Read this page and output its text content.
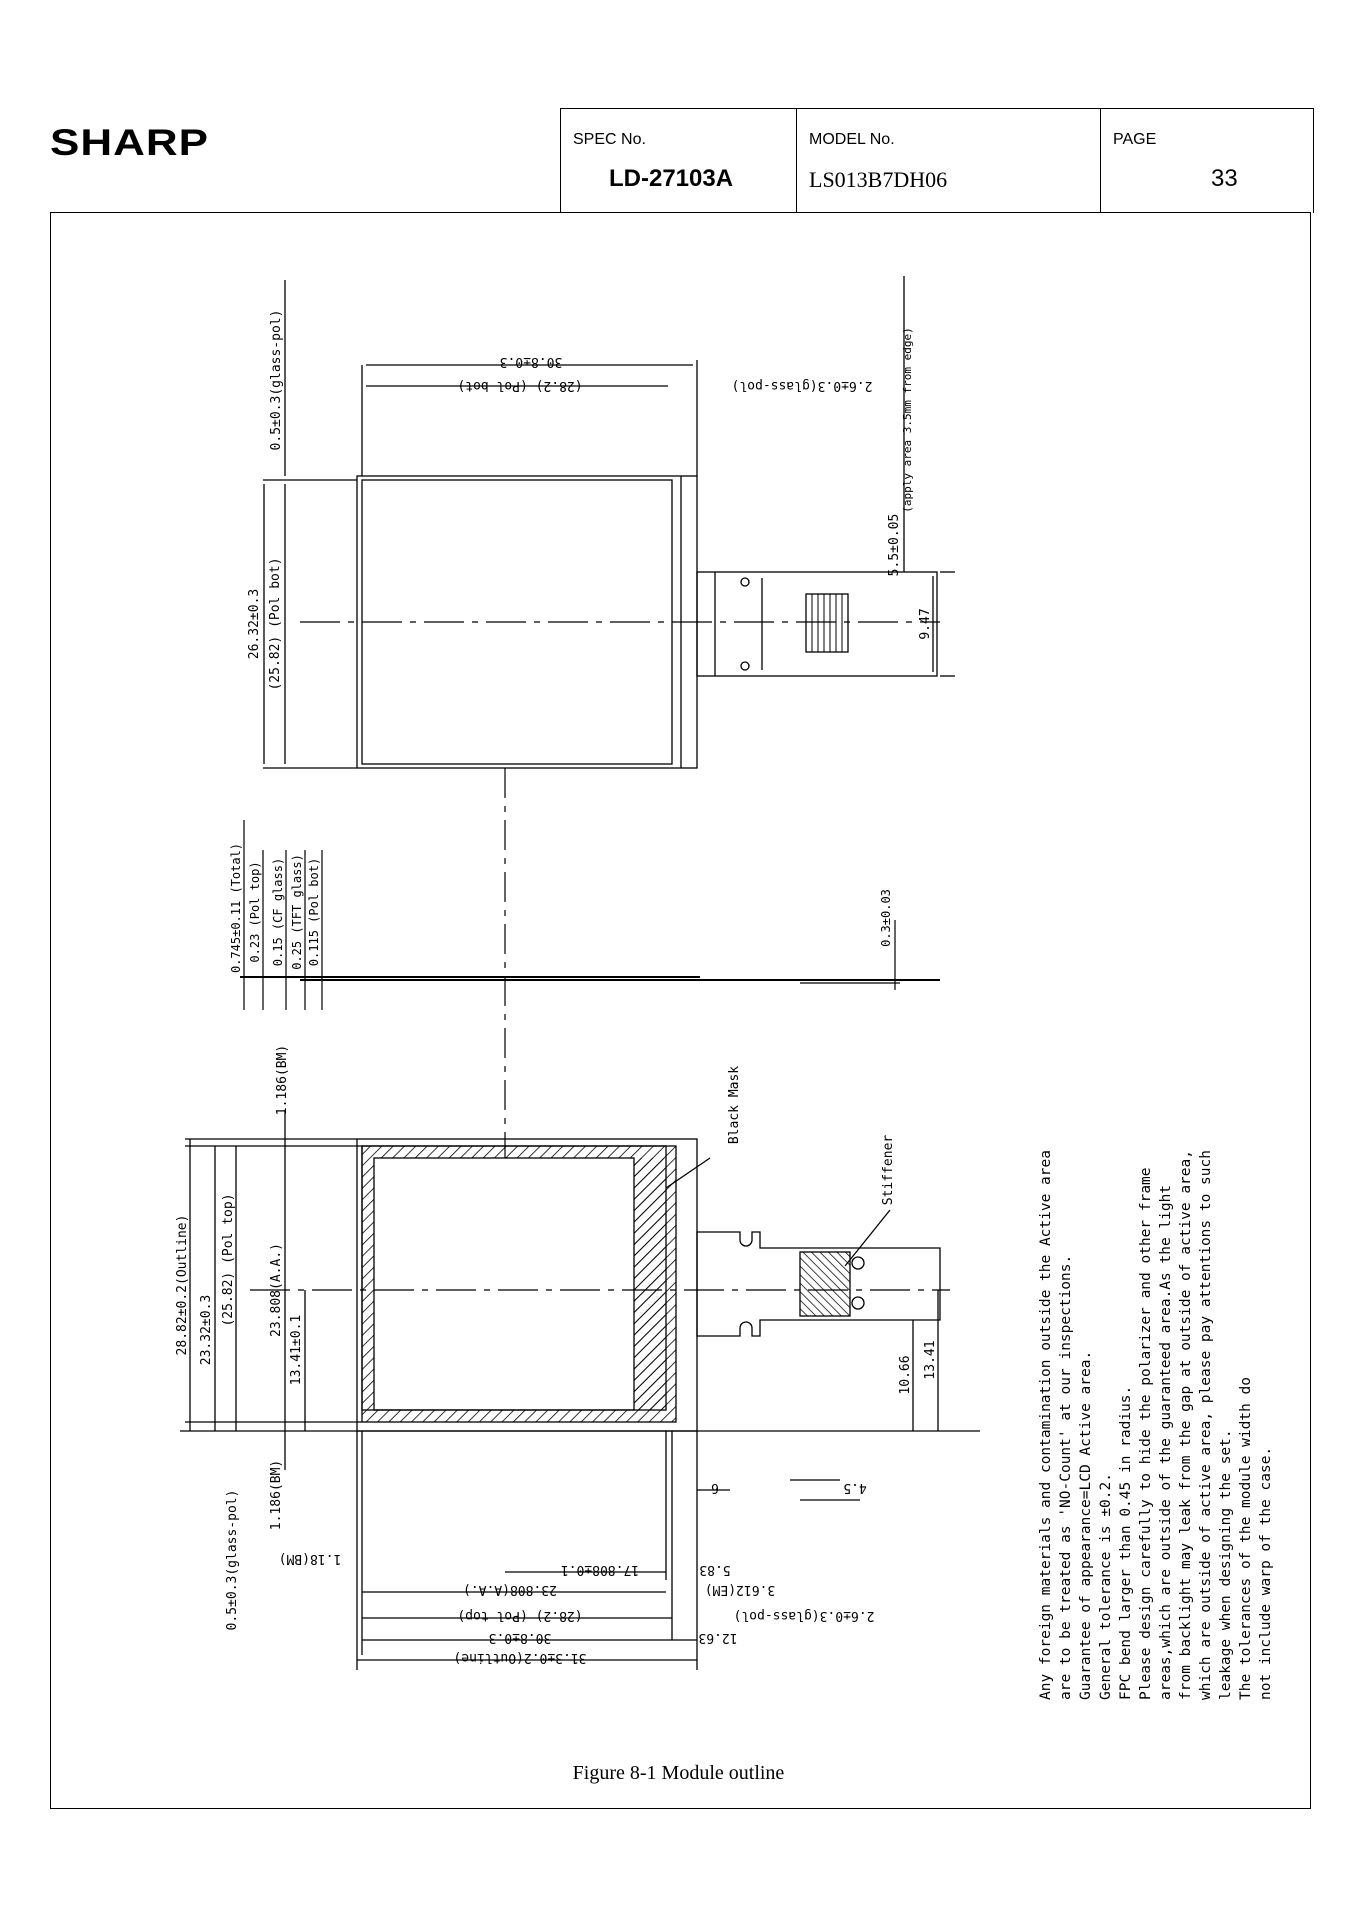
SHARP	SPEC No.
LD-27103A
MODEL No.
LS013B7DH06
PAGE
33
30.8±0.3
(28.2) (Pol bot)
0.5±0.3(glass-pol)	2.6±0.3(glass-pol)
26.32±0.3 (25.82) (Pol bot)	9.47
5.5±0.05
(apply area 3.5mm from edge)
0.745±0.11 (Total) 0.23 (Pol top) 0.15 (CF glass) 0.25 (TFT glass) 0.115 (Pol bot)	0.3±0.03
1.186(BM)	Black Mask
Stiffener
28.82±0.2(Outline) 23.32±0.3
(25.82) (Pol top)	23.808(A.A.)
13.41±0.1	10.66 13.41
1.186(BM)
0.5±0.3(glass-pol)	1.18(BM)
23.808(A.A.)
(28.2) (Pol top)
30.8±0.3
31.3±0.2(Outline)
17.808±0.1
3.612(EM)
2.6±0.3(glass-pol)
5.83
12.63
6	4.5	Any foreign materials and contamination outside the Active area are to be treated as 'NO-Count' at our inspections. Guarantee of appearance=LCD Active area. General tolerance is ±0.2. FPC bend larger than 0.45 in radius. Please design carefully to hide the polarizer and other frame areas,which are outside of the guaranteed area.As the light from backlight may leak from the gap at outside of active area, which are outside of active area, please pay attentions to such leakage when designing the set. The tolerances of the module width do not include warp of the case.
Figure 8-1 Module outline
